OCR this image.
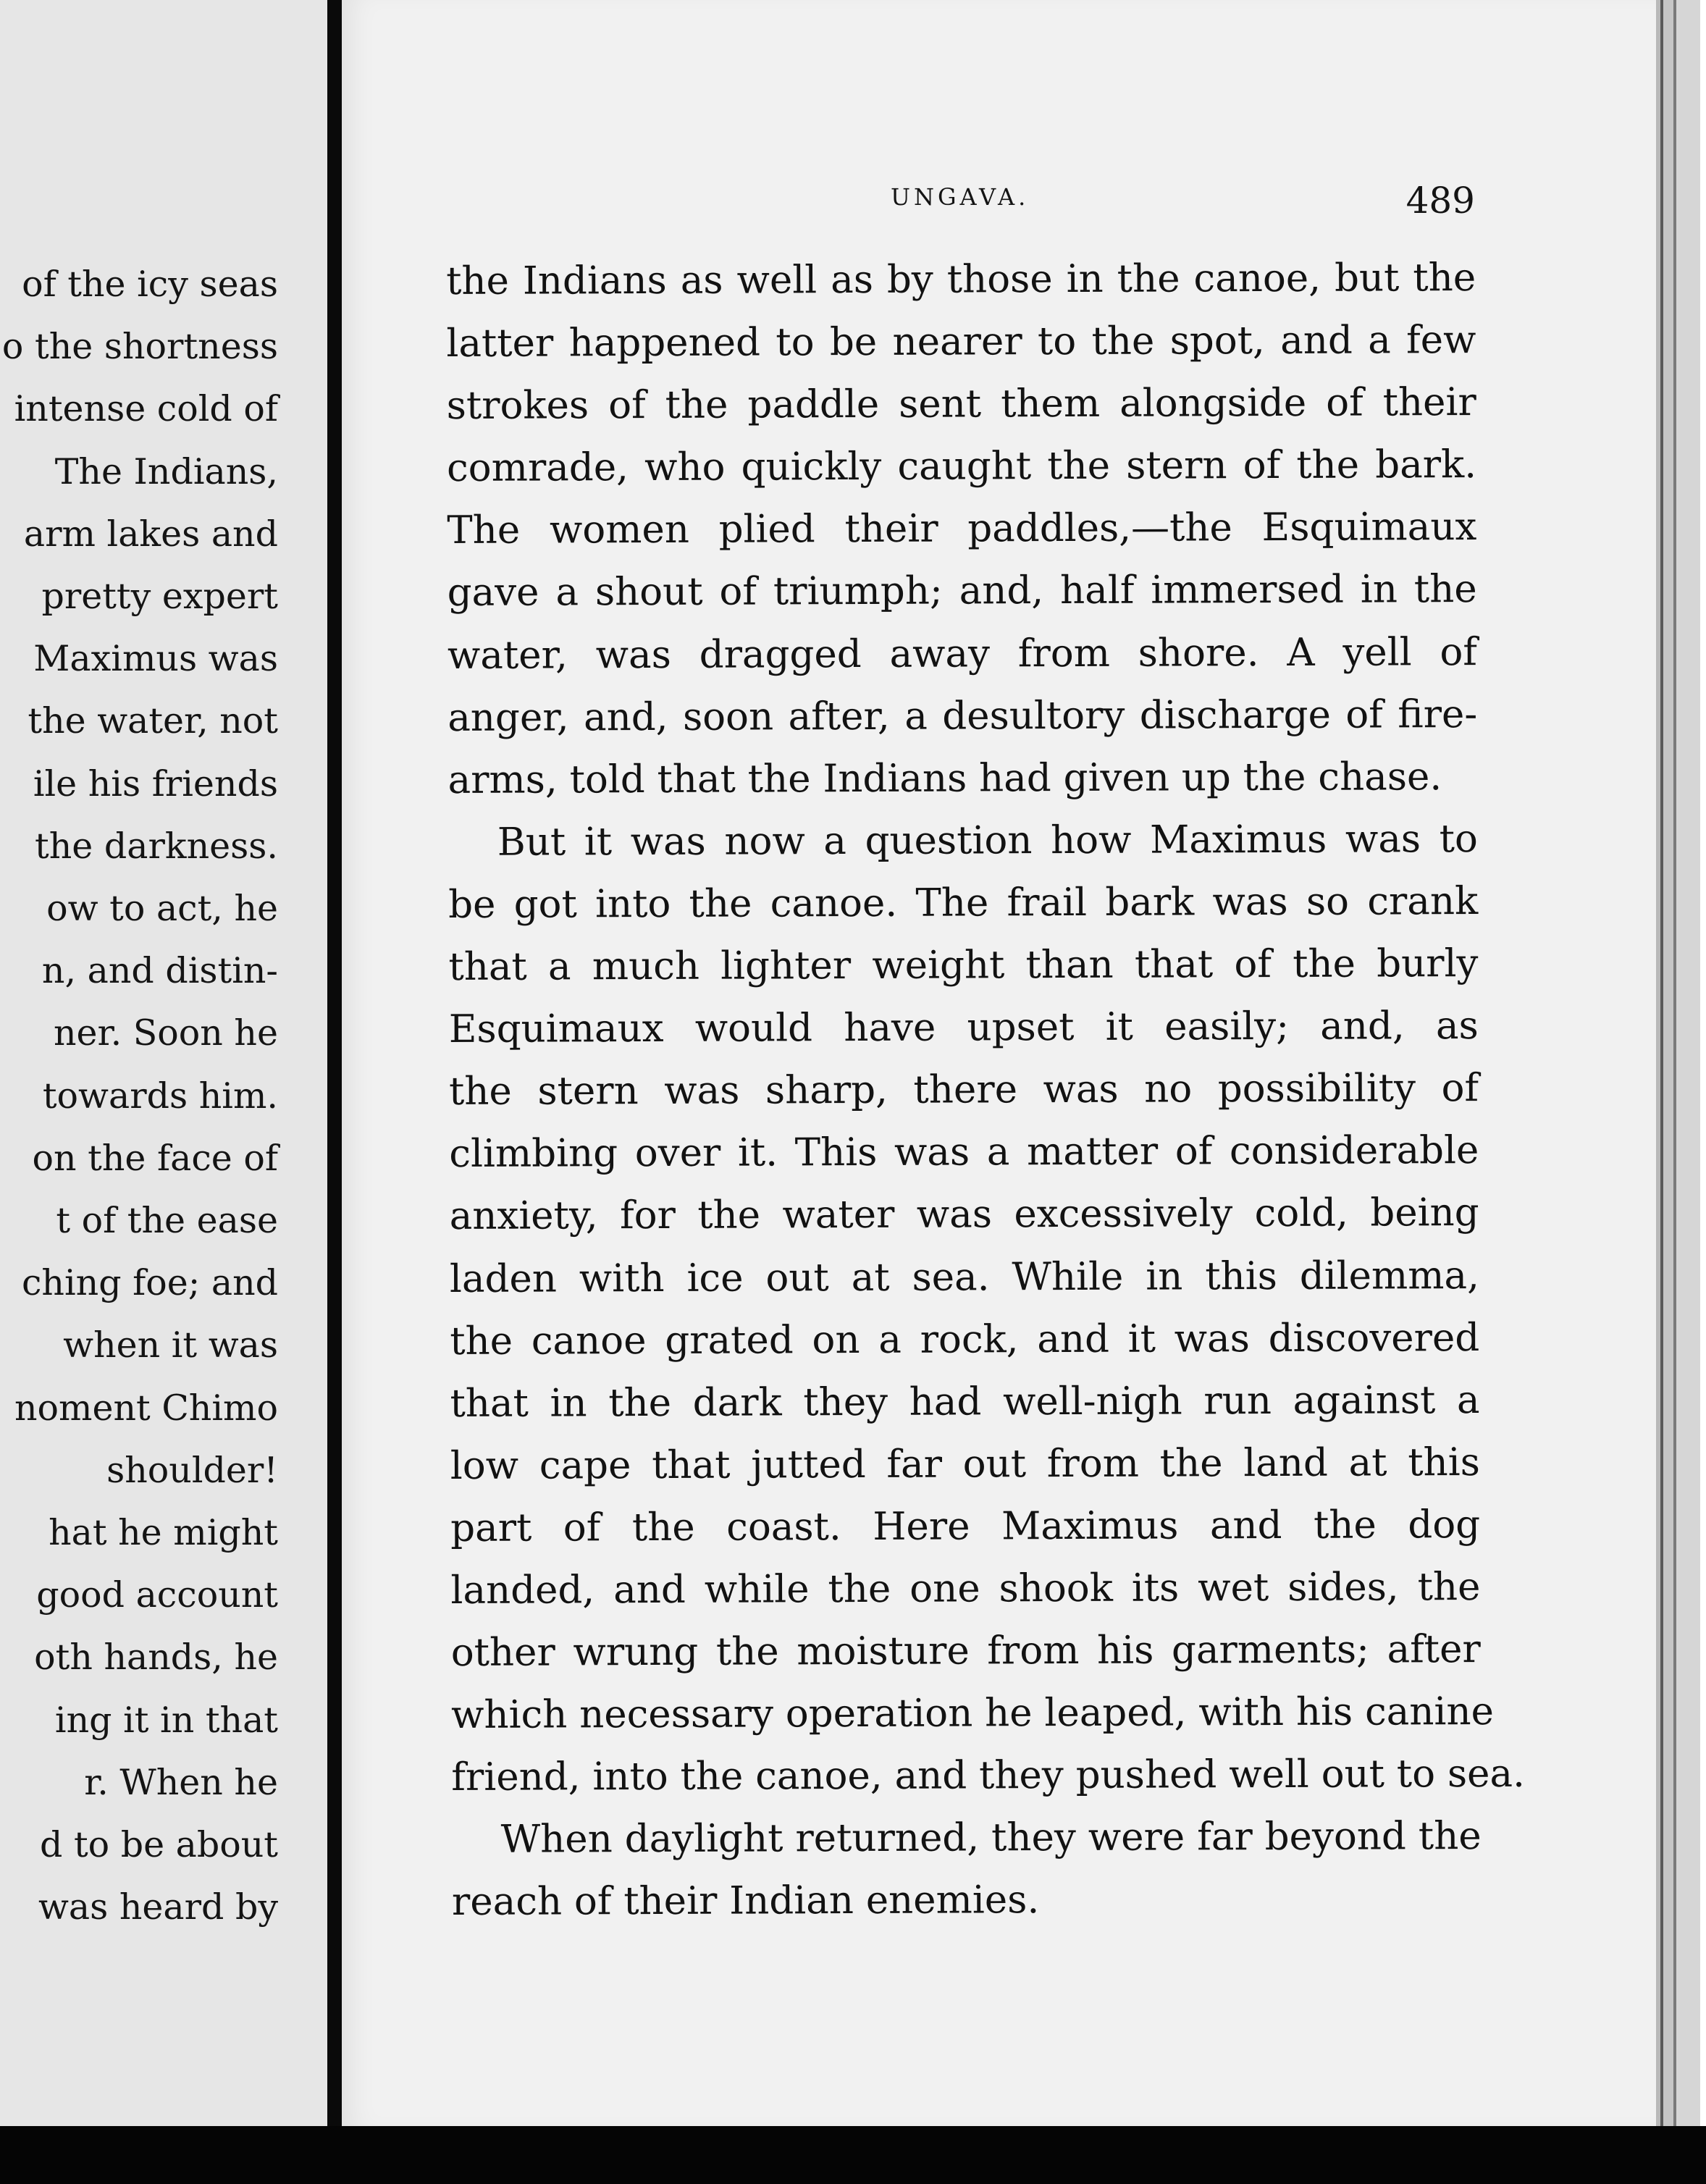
of the icy seas
o the shortness
intense cold of
The Indians,
arm lakes and
pretty expert
Maximus was
the water, not
ile his friends
the darkness.
ow to act, he
n, and distin-
ner. Soon he
towards him.
on the face of
t of the ease
ching foe; and
when it was
noment Chimo
shoulder!
hat he might
good account
oth hands, he
ing it in that
r. When he
d to be about
was heard by
UNGAVA.	489
the Indians as well as by those in the canoe, but the
latter happened to be nearer to the spot, and a few
strokes of the paddle sent them alongside of their
comrade, who quickly caught the stern of the bark.
The women plied their paddles,—the Esquimaux
gave a shout of triumph; and, half immersed in the
water, was dragged away from shore. A yell of
anger, and, soon after, a desultory discharge of fire-
arms, told that the Indians had given up the chase.
But it was now a question how Maximus was to
be got into the canoe. The frail bark was so crank
that a much lighter weight than that of the burly
Esquimaux would have upset it easily; and, as
the stern was sharp, there was no possibility of
climbing over it. This was a matter of considerable
anxiety, for the water was excessively cold, being
laden with ice out at sea. While in this dilemma,
the canoe grated on a rock, and it was discovered
that in the dark they had well-nigh run against a
low cape that jutted far out from the land at this
part of the coast. Here Maximus and the dog
landed, and while the one shook its wet sides, the
other wrung the moisture from his garments; after
which necessary operation he leaped, with his canine
friend, into the canoe, and they pushed well out to sea.
When daylight returned, they were far beyond the
reach of their Indian enemies.
